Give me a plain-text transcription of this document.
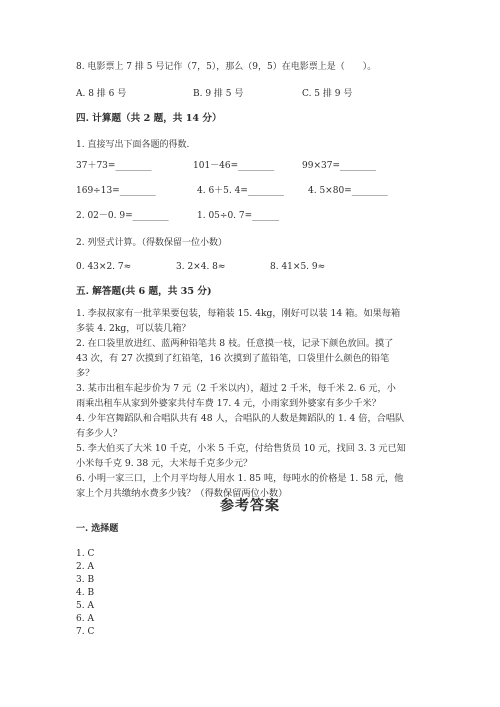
8. 电影票上 7 排 5 号记作（7，5），那么（9，5）在电影票上是（　　）。
A. 8 排 6 号	B. 9 排 5 号	C. 5 排 9 号
四. 计算题（共 2 题，共 14 分）
1. 直接写出下面各题的得数.
37＋73=________	101－46=________	99×37=________
169÷13=________	4. 6＋5. 4=________	4. 5×80=________
2. 02－0. 9=________	1. 05÷0. 7=______
2. 列竖式计算。（得数保留一位小数）
0. 43×2. 7≈	3. 2×4. 8≈	8. 41×5. 9≈
五. 解答题(共 6 题，共 35 分)
1. 李叔叔家有一批苹果要包装，每箱装 15. 4kg，刚好可以装 14 箱。如果每箱
多装 4. 2kg，可以装几箱？
2. 在口袋里放进红、蓝两种铅笔共 8 枝。任意摸一枝，记录下颜色放回。摸了
43 次，有 27 次摸到了红铅笔，16 次摸到了蓝铅笔，口袋里什么颜色的铅笔
多？
3. 某市出租车起步价为 7 元（2 千米以内），超过 2 千米，每千米 2. 6 元，小
雨乘出租车从家到外婆家共付车费 17. 4 元，小雨家到外婆家有多少千米？
4. 少年宫舞蹈队和合唱队共有 48 人，合唱队的人数是舞蹈队的 1. 4 倍，合唱队
有多少人？
5. 李大伯买了大米 10 千克，小米 5 千克，付给售货员 10 元，找回 3. 3 元已知
小米每千克 9. 38 元，大米每千克多少元？
6. 小明一家三口，上个月平均每人用水 1. 85 吨，每吨水的价格是 1. 58 元，他
家上个月共缴纳水费多少钱？（得数保留两位小数）
参考答案
一. 选择题
1. C
2. A
3. B
4. B
5. A
6. A
7. C
